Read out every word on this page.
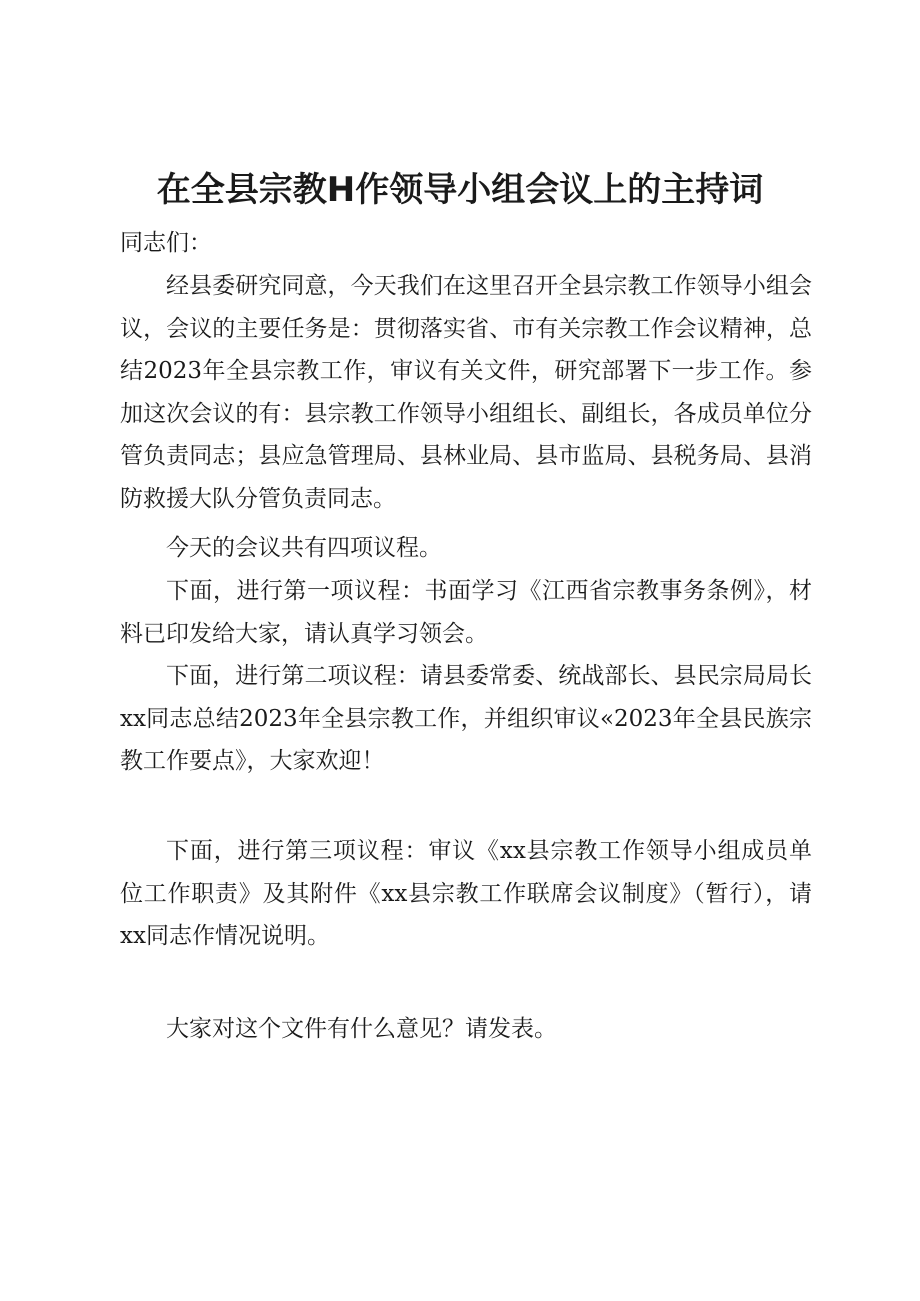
在全县宗教H作领导小组会议上的主持词

同志们：

经县委研究同意，今天我们在这里召开全县宗教工作领导小组会议，会议的主要任务是：贯彻落实省、市有关宗教工作会议精神，总结2023年全县宗教工作，审议有关文件，研究部署下一步工作。参加这次会议的有：县宗教工作领导小组组长、副组长，各成员单位分管负责同志；县应急管理局、县林业局、县市监局、县税务局、县消防救援大队分管负责同志。

今天的会议共有四项议程。

下面，进行第一项议程：书面学习《江西省宗教事务条例》，材料已印发给大家，请认真学习领会。

下面，进行第二项议程：请县委常委、统战部长、县民宗局局长xx同志总结2023年全县宗教工作，并组织审议«2023年全县民族宗教工作要点》，大家欢迎！

下面，进行第三项议程：审议《xx县宗教工作领导小组成员单位工作职责》及其附件《xx县宗教工作联席会议制度》（暂行），请xx同志作情况说明。

大家对这个文件有什么意见？请发表。
